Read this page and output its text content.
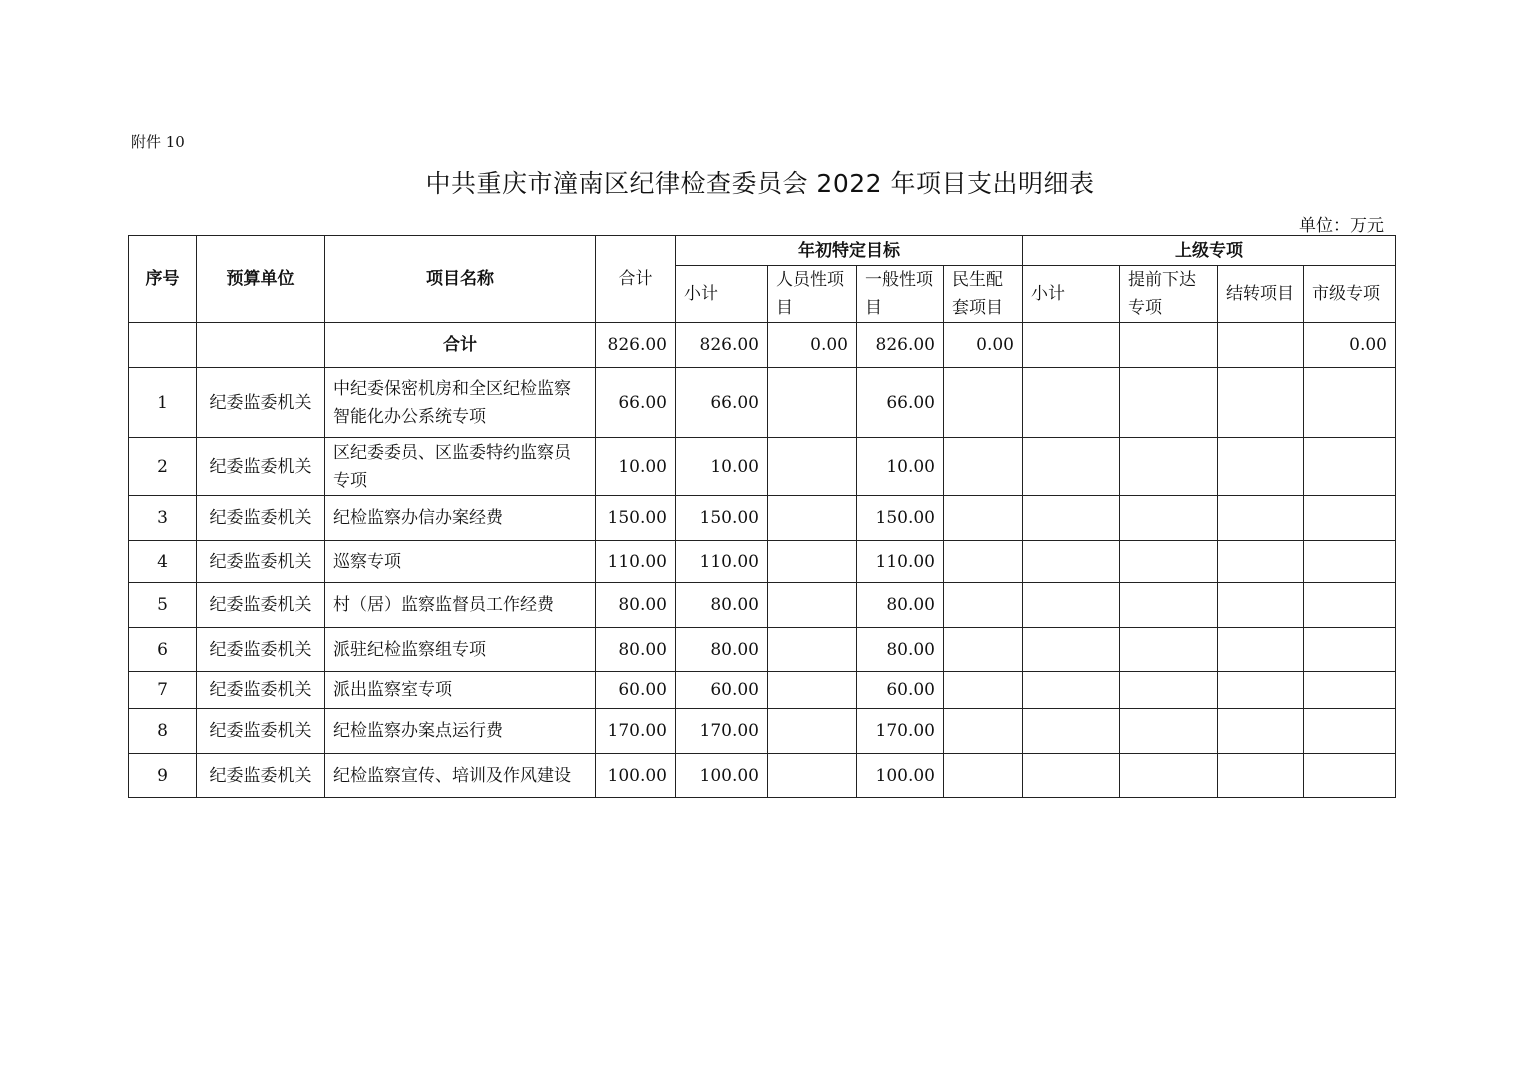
附件 10
中共重庆市潼南区纪律检查委员会 2022 年项目支出明细表
单位：万元
序号	预算单位	项目名称	合计	年初特定目标				上级专项			
				小计	人员性项目	一般性项目	民生配套项目	小计	提前下达专项	结转项目	市级专项
		合计	826.00	826.00	0.00	826.00	0.00				0.00
1	纪委监委机关	中纪委保密机房和全区纪检监察智能化办公系统专项	66.00	66.00		66.00					
2	纪委监委机关	区纪委委员、区监委特约监察员专项	10.00	10.00		10.00					
3	纪委监委机关	纪检监察办信办案经费	150.00	150.00		150.00					
4	纪委监委机关	巡察专项	110.00	110.00		110.00					
5	纪委监委机关	村（居）监察监督员工作经费	80.00	80.00		80.00					
6	纪委监委机关	派驻纪检监察组专项	80.00	80.00		80.00					
7	纪委监委机关	派出监察室专项	60.00	60.00		60.00					
8	纪委监委机关	纪检监察办案点运行费	170.00	170.00		170.00					
9	纪委监委机关	纪检监察宣传、培训及作风建设	100.00	100.00		100.00					
